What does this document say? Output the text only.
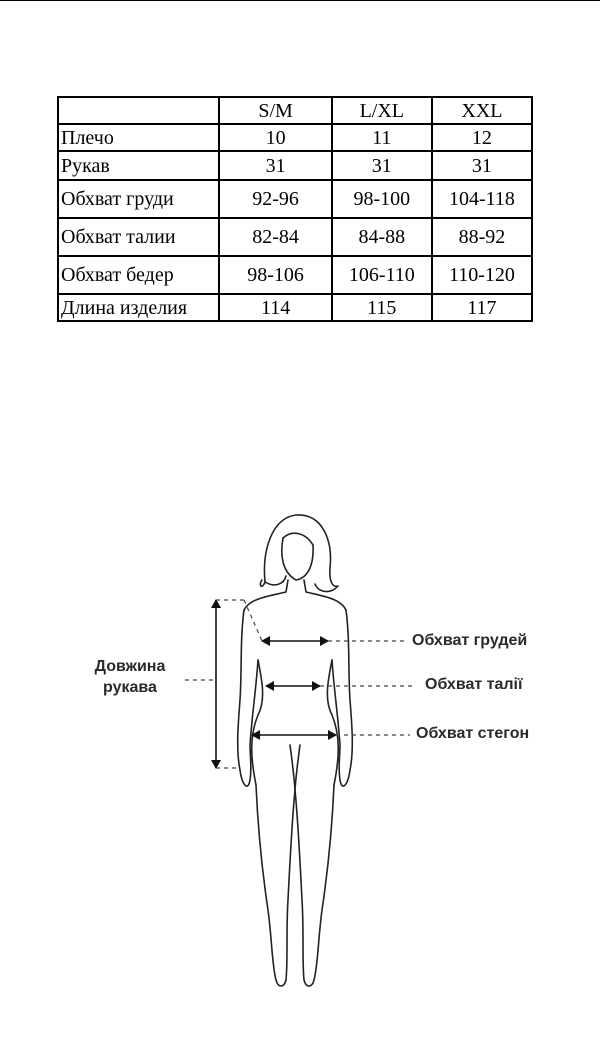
	S/M	L/XL	XXL
Плечо	10	11	12
Рукав	31	31	31
Обхват груди	92-96	98-100	104-118
Обхват талии	82-84	84-88	88-92
Обхват бедер	98-106	106-110	110-120
Длина изделия	114	115	117
Обхват грудей
Обхват талії
Обхват стегон
Довжина
рукава
